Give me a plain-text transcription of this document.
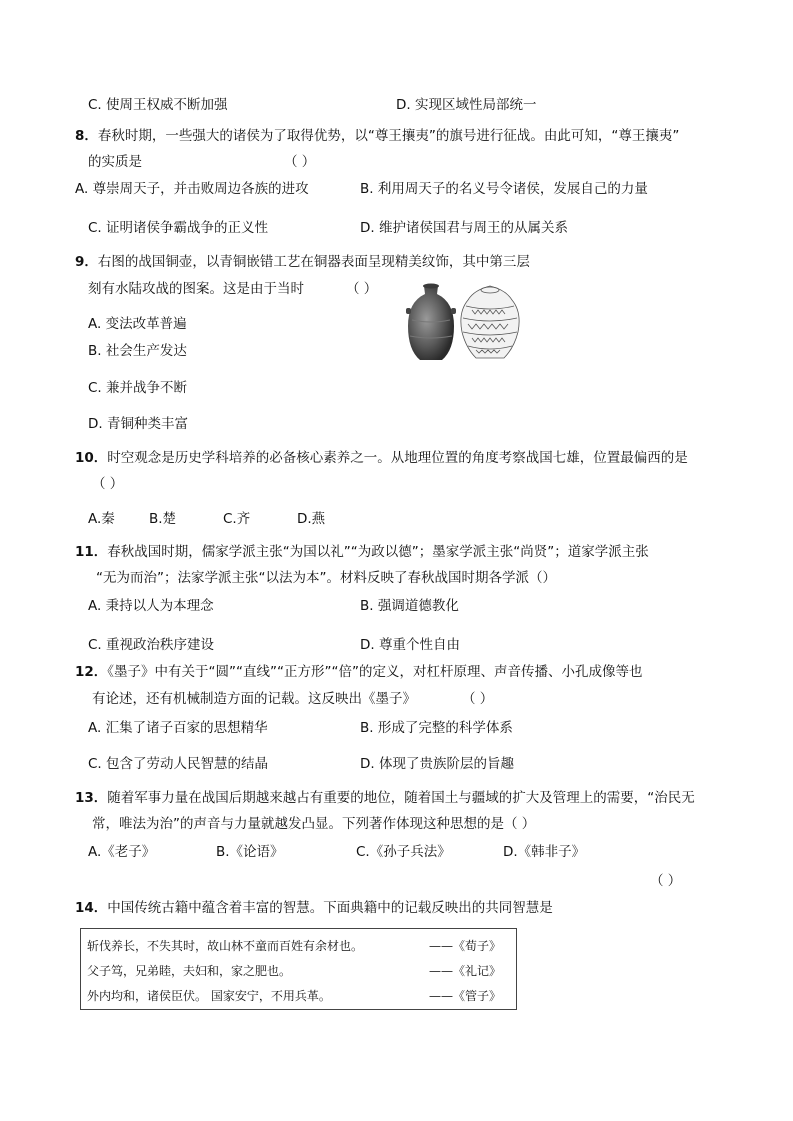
C. 使周王权威不断加强	D. 实现区域性局部统一
8．春秋时期，一些强大的诸侯为了取得优势，以“尊王攘夷”的旗号进行征战。由此可知，“尊王攘夷”
的实质是	（ ）
A. 尊崇周天子，并击败周边各族的进攻	B. 利用周天子的名义号令诸侯，发展自己的力量
C. 证明诸侯争霸战争的正义性	D. 维护诸侯国君与周王的从属关系
9．右图的战国铜壶，以青铜嵌错工艺在铜器表面呈现精美纹饰，其中第三层
刻有水陆攻战的图案。这是由于当时	（ ）
A. 变法改革普遍
B. 社会生产发达
C. 兼并战争不断
D. 青铜种类丰富
10．时空观念是历史学科培养的必备核心素养之一。从地理位置的角度考察战国七雄，位置最偏西的是
（ ）
A.秦	B.楚	C.齐	D.燕
11．春秋战国时期，儒家学派主张“为国以礼”“为政以德”；墨家学派主张“尚贤”；道家学派主张
“无为而治”；法家学派主张“以法为本”。材料反映了春秋战国时期各学派（）
A. 秉持以人为本理念	B. 强调道德教化
C. 重视政治秩序建设	D. 尊重个性自由
12．《墨子》中有关于“圆”“直线”“正方形”“倍”的定义，对杠杆原理、声音传播、小孔成像等也
有论述，还有机械制造方面的记载。这反映出《墨子》	（ ）
A. 汇集了诸子百家的思想精华	B. 形成了完整的科学体系
C. 包含了劳动人民智慧的结晶	D. 体现了贵族阶层的旨趣
13．随着军事力量在战国后期越来越占有重要的地位，随着国土与疆域的扩大及管理上的需要，“治民无
常，唯法为治”的声音与力量就越发凸显。下列著作体现这种思想的是（ ）
A.《老子》	B.《论语》	C.《孙子兵法》	D.《韩非子》
（ ）
14．中国传统古籍中蕴含着丰富的智慧。下面典籍中的记载反映出的共同智慧是
斩伐养长，不失其时，故山林不童而百姓有余材也。	——《荀子》
父子笃，兄弟睦，夫妇和，家之肥也。	——《礼记》
外内均和，诸侯臣伏。 国家安宁，不用兵革。	——《管子》
